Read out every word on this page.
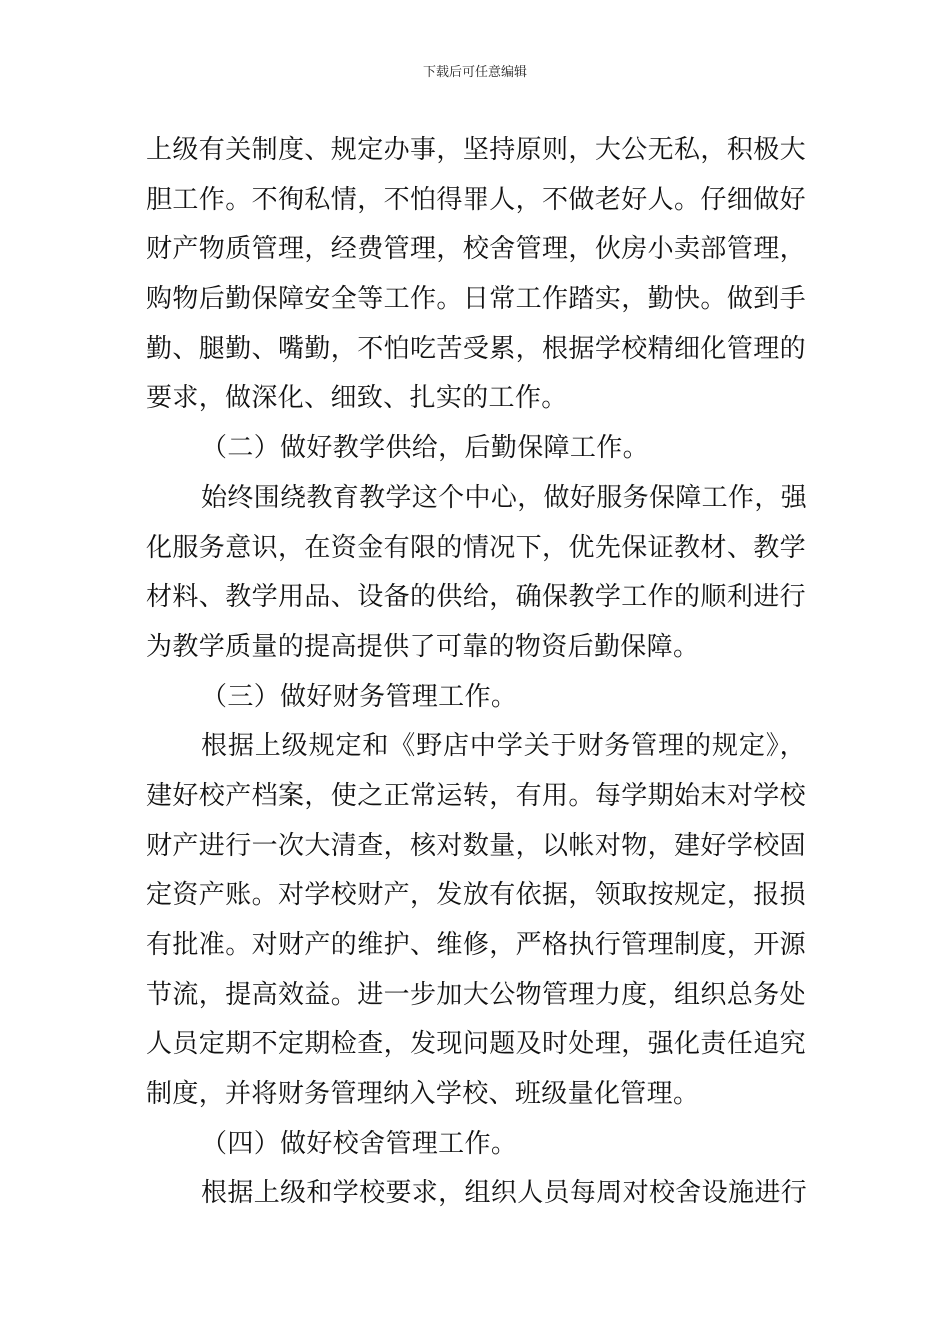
下载后可任意编辑
上级有关制度、规定办事，坚持原则，大公无私，积极大
胆工作。不徇私情，不怕得罪人，不做老好人。仔细做好
财产物质管理，经费管理，校舍管理，伙房小卖部管理，
购物后勤保障安全等工作。日常工作踏实，勤快。做到手
勤、腿勤、嘴勤，不怕吃苦受累，根据学校精细化管理的
要求，做深化、细致、扎实的工作。
（二）做好教学供给，后勤保障工作。
始终围绕教育教学这个中心，做好服务保障工作，强
化服务意识，在资金有限的情况下，优先保证教材、教学
材料、教学用品、设备的供给，确保教学工作的顺利进行
为教学质量的提高提供了可靠的物资后勤保障。
（三）做好财务管理工作。
根据上级规定和《野店中学关于财务管理的规定》，
建好校产档案，使之正常运转，有用。每学期始末对学校
财产进行一次大清查，核对数量，以帐对物，建好学校固
定资产账。对学校财产，发放有依据，领取按规定，报损
有批准。对财产的维护、维修，严格执行管理制度，开源
节流，提高效益。进一步加大公物管理力度，组织总务处
人员定期不定期检查，发现问题及时处理，强化责任追究
制度，并将财务管理纳入学校、班级量化管理。
（四）做好校舍管理工作。
根据上级和学校要求，组织人员每周对校舍设施进行
